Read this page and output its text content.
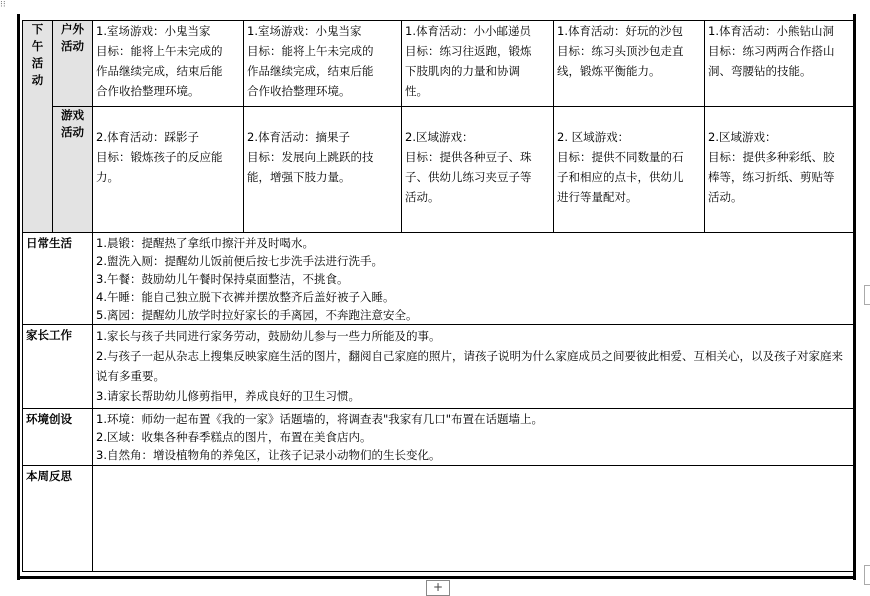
⁝⁝
下午活动	户外活动	1.室场游戏：小鬼当家
目标：能将上午未完成的
作品继续完成，结束后能
合作收拾整理环境。	1.室场游戏：小鬼当家
目标：能将上午未完成的
作品继续完成，结束后能
合作收拾整理环境。	1.体育活动：小小邮递员
目标：练习往返跑，锻炼
下肢肌肉的力量和协调
性。	1.体育活动：好玩的沙包
目标：练习头顶沙包走直
线，锻炼平衡能力。	1.体育活动：小熊钻山洞
目标：练习两两合作搭山
洞、弯腰钻的技能。

	游戏活动	2.体育活动：踩影子
目标：锻炼孩子的反应能
力。	2.体育活动：摘果子
目标：发展向上跳跃的技
能，增强下肢力量。	2.区域游戏：
目标：提供各种豆子、珠
子、供幼儿练习夹豆子等
活动。	2. 区域游戏：
目标：提供不同数量的石
子和相应的点卡，供幼儿
进行等量配对。	2.区域游戏：
目标：提供多种彩纸、胶
棒等，练习折纸、剪贴等
活动。

日常生活		1.晨锻：提醒热了拿纸巾擦汗并及时喝水。
2.盥洗入厕：提醒幼儿饭前便后按七步洗手法进行洗手。
3.午餐：鼓励幼儿午餐时保持桌面整洁，不挑食。
4.午睡：能自己独立脱下衣裤并摆放整齐后盖好被子入睡。
5.离园：提醒幼儿放学时拉好家长的手离园，不奔跑注意安全。				

家长工作		1.家长与孩子共同进行家务劳动，鼓励幼儿参与一些力所能及的事。
2.与孩子一起从杂志上搜集反映家庭生活的图片，翻阅自己家庭的照片，请孩子说明为什么家庭成员之间要彼此相爱、互相关心，以及孩子对家庭来说有多重要。
3.请家长帮助幼儿修剪指甲，养成良好的卫生习惯。				

环境创设		1.环境：师幼一起布置《我的一家》话题墙的，将调查表"我家有几口"布置在话题墙上。
2.区域：收集各种春季糕点的图片，布置在美食店内。
3.自然角：增设植物角的养兔区，让孩子记录小动物们的生长变化。				

本周反思						
+
